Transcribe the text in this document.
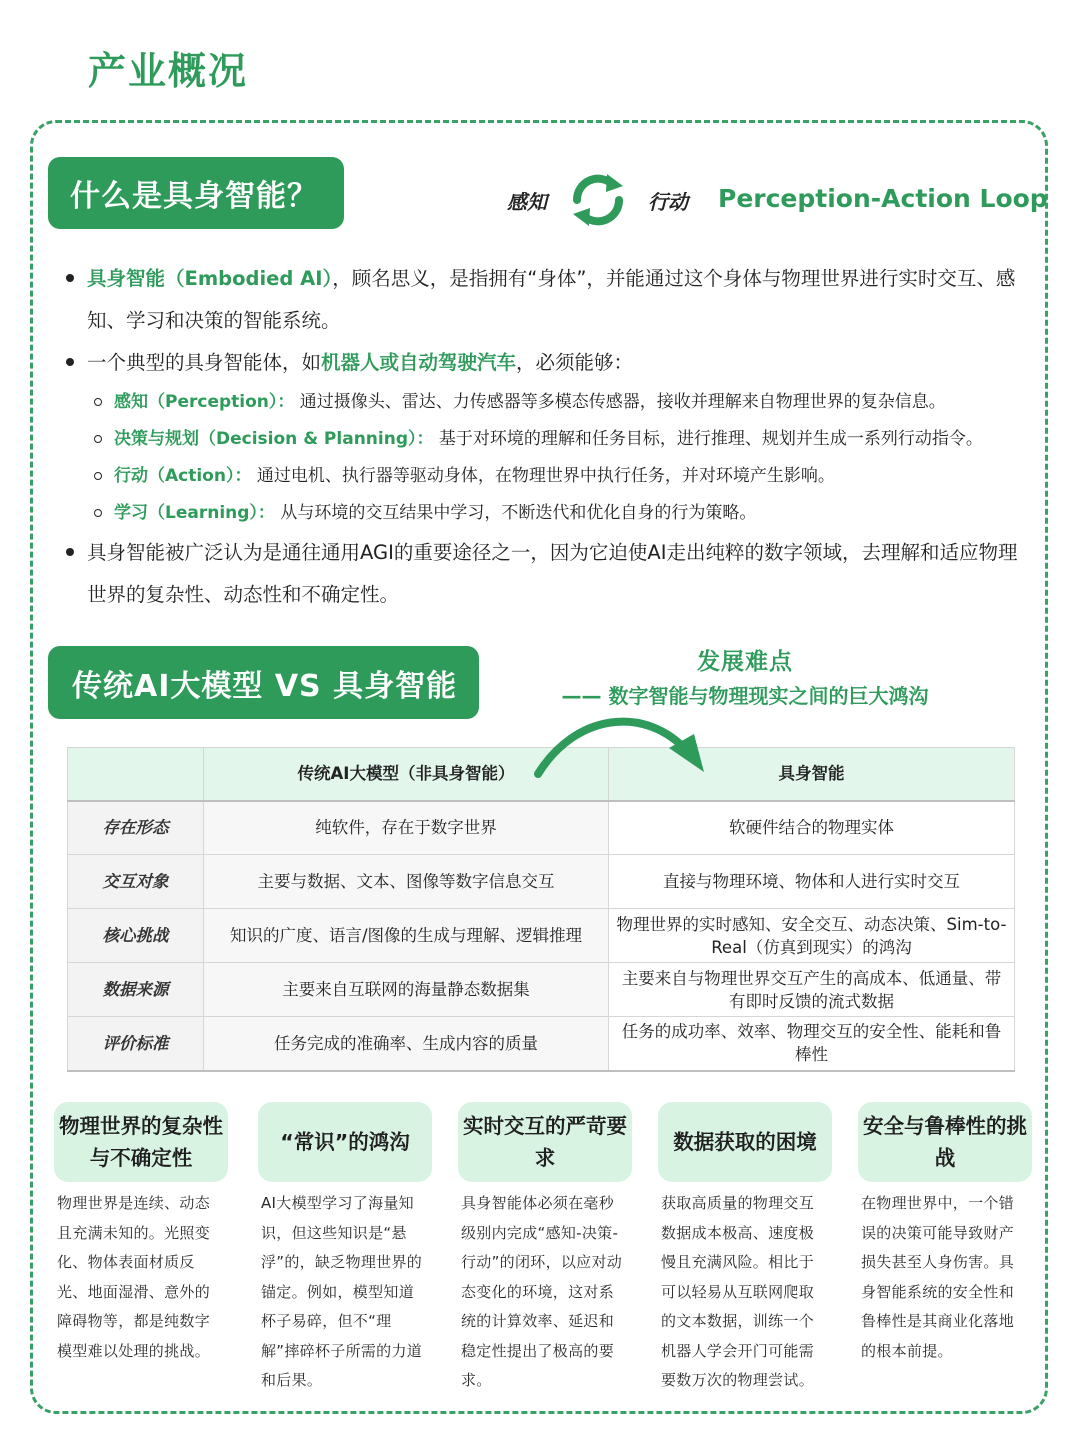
产业概况
什么是具身智能？	感知	行动 Perception-Action Loop
具身智能（Embodied AI），顾名思义，是指拥有“身体”，并能通过这个身体与物理世界进行实时交互、感知、学习和决策的智能系统。
一个典型的具身智能体，如机器人或自动驾驶汽车，必须能够：
感知（Perception）： 通过摄像头、雷达、力传感器等多模态传感器，接收并理解来自物理世界的复杂信息。
决策与规划（Decision & Planning）： 基于对环境的理解和任务目标，进行推理、规划并生成一系列行动指令。
行动（Action）： 通过电机、执行器等驱动身体，在物理世界中执行任务，并对环境产生影响。
学习（Learning）： 从与环境的交互结果中学习，不断迭代和优化自身的行为策略。
具身智能被广泛认为是通往通用AGI的重要途径之一，因为它迫使AI走出纯粹的数字领域，去理解和适应物理世界的复杂性、动态性和不确定性。
传统AI大模型 VS 具身智能
发展难点
—— 数字智能与物理现实之间的巨大鸿沟
	传统AI大模型（非具身智能）	具身智能
存在形态	纯软件，存在于数字世界	软硬件结合的物理实体
交互对象	主要与数据、文本、图像等数字信息交互	直接与物理环境、物体和人进行实时交互
核心挑战	知识的广度、语言/图像的生成与理解、逻辑推理	物理世界的实时感知、安全交互、动态决策、Sim-to-Real（仿真到现实）的鸿沟
数据来源	主要来自互联网的海量静态数据集	主要来自与物理世界交互产生的高成本、低通量、带有即时反馈的流式数据
评价标准	任务完成的准确率、生成内容的质量	任务的成功率、效率、物理交互的安全性、能耗和鲁棒性
物理世界的复杂性与不确定性
“常识”的鸿沟
实时交互的严苛要求
数据获取的困境
安全与鲁棒性的挑战
物理世界是连续、动态且充满未知的。光照变化、物体表面材质反光、地面湿滑、意外的障碍物等，都是纯数字模型难以处理的挑战。
AI大模型学习了海量知识，但这些知识是“悬浮”的，缺乏物理世界的锚定。例如，模型知道杯子易碎，但不“理解”摔碎杯子所需的力道和后果。
具身智能体必须在毫秒级别内完成“感知-决策-行动”的闭环，以应对动态变化的环境，这对系统的计算效率、延迟和稳定性提出了极高的要求。
获取高质量的物理交互数据成本极高、速度极慢且充满风险。相比于可以轻易从互联网爬取的文本数据，训练一个机器人学会开门可能需要数万次的物理尝试。
在物理世界中，一个错误的决策可能导致财产损失甚至人身伤害。具身智能系统的安全性和鲁棒性是其商业化落地的根本前提。
